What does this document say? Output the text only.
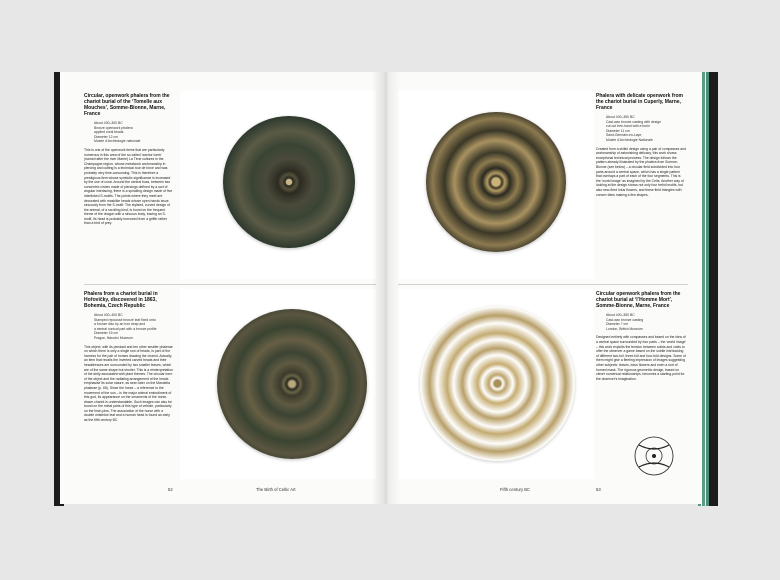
Circular, openwork phalera from the chariot burial of the ‘Tomelle aux Mouches’, Somme-Bionne, Marne, France

About 400–300 BC
Bronze openwork phalera
applied coral beads
Diameter 12 cm
Musée d’Archéologie nationale
This is one of the openwork items that are particularly numerous in this area of the so-called ‘warrior tomb’ (named after the river Marne) La Tène cultures in the Champagne region, whose metalwork workmanship in piercing and cutting is a technical tour de force and was probably very time-consuming. This is therefore a prestigious item whose symbolic significance is increased by the use of coral. Around the central boss, between two concentric circles made of piercings defined by a sort of angular interlacing, there is a spiralling design made of five interlinked S-motifs. The points where they meet are decorated with masklike heads whose open hands issue sinuously from the S-motif. The stylised, curved design of the animal, of a scrolling kind, is found on the frequent theme of the dragon with a sinuous body, tracing an S-motif, its head is probably borrowed from a griffin rather than a bird of prey.

Phalera from a chariot burial in Hořovičky, discovered in 1863, Bohemia, Czech Republic

About 400–400 BC
Stamped repoussé bronze leaf fixed onto
a bronze disc by an iron strap and
a central conical part with a bronze profile
Diameter 15 cm
Prague, Národní Muzeum
This object, with its pendant and ten other smaller phalerae on which there is only a single row of heads, is part of the harness for the pair of horses drawing the chariot. Actually, an item that recalls the inverted carved heads and their headdresses are surrounded by two smaller leaves, which are of the same shape but shorter. This is a reinterpretation of the deity associated with plant themes. The circular form of the object and the radiating arrangement of the heads emphasise its solar nature, as seen later on the Mandelia phalerae (p. 65). Since the horse – a reference to the movement of the sun – is the major animal embodiment of this god, its appearance on the ornaments of the horse-drawn chariot is understandable. Such images can also be found on the metal parts of this type of vehicle, particularly on the linch-pins. The association of the horse with a double mistletoe leaf and a human head is found as early as the fifth century BC.
52	The Birth of Celtic Art

Phalera with delicate openwork from the chariot burial in Cuperly, Marne, France

About 400–350 BC
Cast-wax bronze casting with design
cut out free-hand with a burin
Diameter 11 cm
Saint-Germain-en-Laye,
Musée d’Archéologie Nationale
Created from a skilful design using a pair of compasses and workmanship of astonishing delicacy, this work shows exceptional technical prowess. The design follows the pattern already illustrated by the phalera from Somme-Bionne (see below) – a circular field subdivided into four parts around a central space, which has a single pattern that overlaps a part of each of the four segments. This is the ‘world image’ as imagined by the Celts. Another way of looking at the design shows not only four trefoil motifs, but also new-fired lotus flowers, and these field triangles with convex tides making a few shapes.

Circular openwork phalera from the chariot burial at ‘l’Homme Mort’, Somme-Bionne, Marne, France

About 400–350 BC
Cast-wax bronze casting
Diameter 7 cm
London, British Museum
Designed entirely with compasses and based on the idea of a central space surrounded by four parts – the ‘world image’ – this work exploits the tension between solids and voids to offer the observer a game based on the subtle interlocking of different two-foil, three-foil and four-fold designs. Some of them might give a fleeting impression of images suggesting other subjects: leaves, lotus flowers and even a sort of horned mask. The rigorous geometric design, based on clever numerical relationships, becomes a starting-point for the observer’s imagination.
Fifth century BC	53
